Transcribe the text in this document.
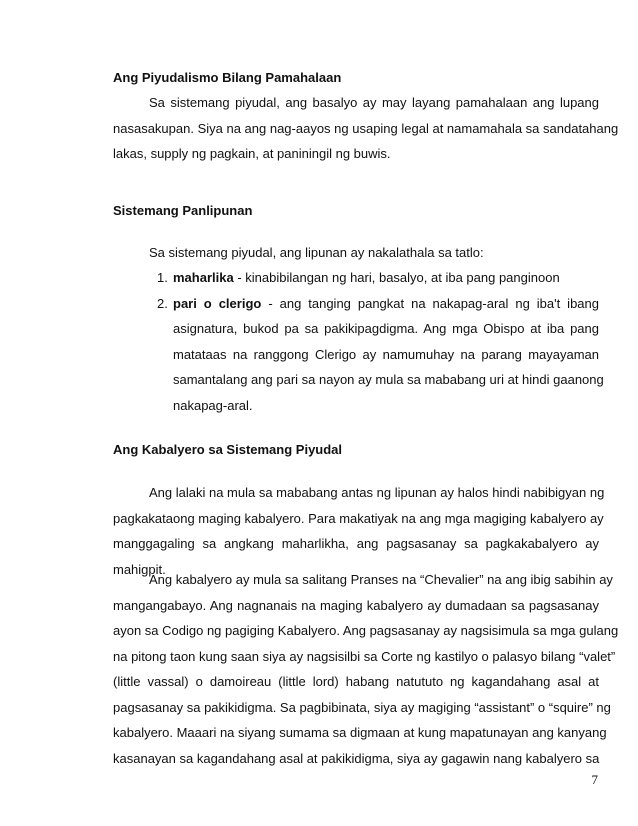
Ang Piyudalismo Bilang Pamahalaan
Sa sistemang piyudal, ang basalyo ay may layang pamahalaan ang lupang
nasasakupan. Siya na ang nag-aayos ng usaping legal at namamahala sa sandatahang
lakas, supply ng pagkain, at paniningil ng buwis.
Sistemang Panlipunan
Sa sistemang piyudal, ang lipunan ay nakalathala sa tatlo:
1. maharlika - kinabibilangan ng hari, basalyo, at iba pang panginoon
2. pari o clerigo - ang tanging pangkat na nakapag-aral ng iba't ibang
asignatura, bukod pa sa pakikipagdigma. Ang mga Obispo at iba pang
matataas na ranggong Clerigo ay namumuhay na parang mayayaman
samantalang ang pari sa nayon ay mula sa mababang uri at hindi gaanong
nakapag-aral.
Ang Kabalyero sa Sistemang Piyudal
Ang lalaki na mula sa mababang antas ng lipunan ay halos hindi nabibigyan ng
pagkakataong maging kabalyero. Para makatiyak na ang mga magiging kabalyero ay
manggagaling sa angkang maharlikha, ang pagsasanay sa pagkakabalyero ay
mahigpit.
Ang kabalyero ay mula sa salitang Pranses na “Chevalier” na ang ibig sabihin ay
mangangabayo. Ang nagnanais na maging kabalyero ay dumadaan sa pagsasanay
ayon sa Codigo ng pagiging Kabalyero. Ang pagsasanay ay nagsisimula sa mga gulang
na pitong taon kung saan siya ay nagsisilbi sa Corte ng kastilyo o palasyo bilang “valet”
(little vassal) o damoireau (little lord) habang natututo ng kagandahang asal at
pagsasanay sa pakikidigma. Sa pagbibinata, siya ay magiging “assistant” o “squire” ng
kabalyero. Maaari na siyang sumama sa digmaan at kung mapatunayan ang kanyang
kasanayan sa kagandahang asal at pakikidigma, siya ay gagawin nang kabalyero sa
7
